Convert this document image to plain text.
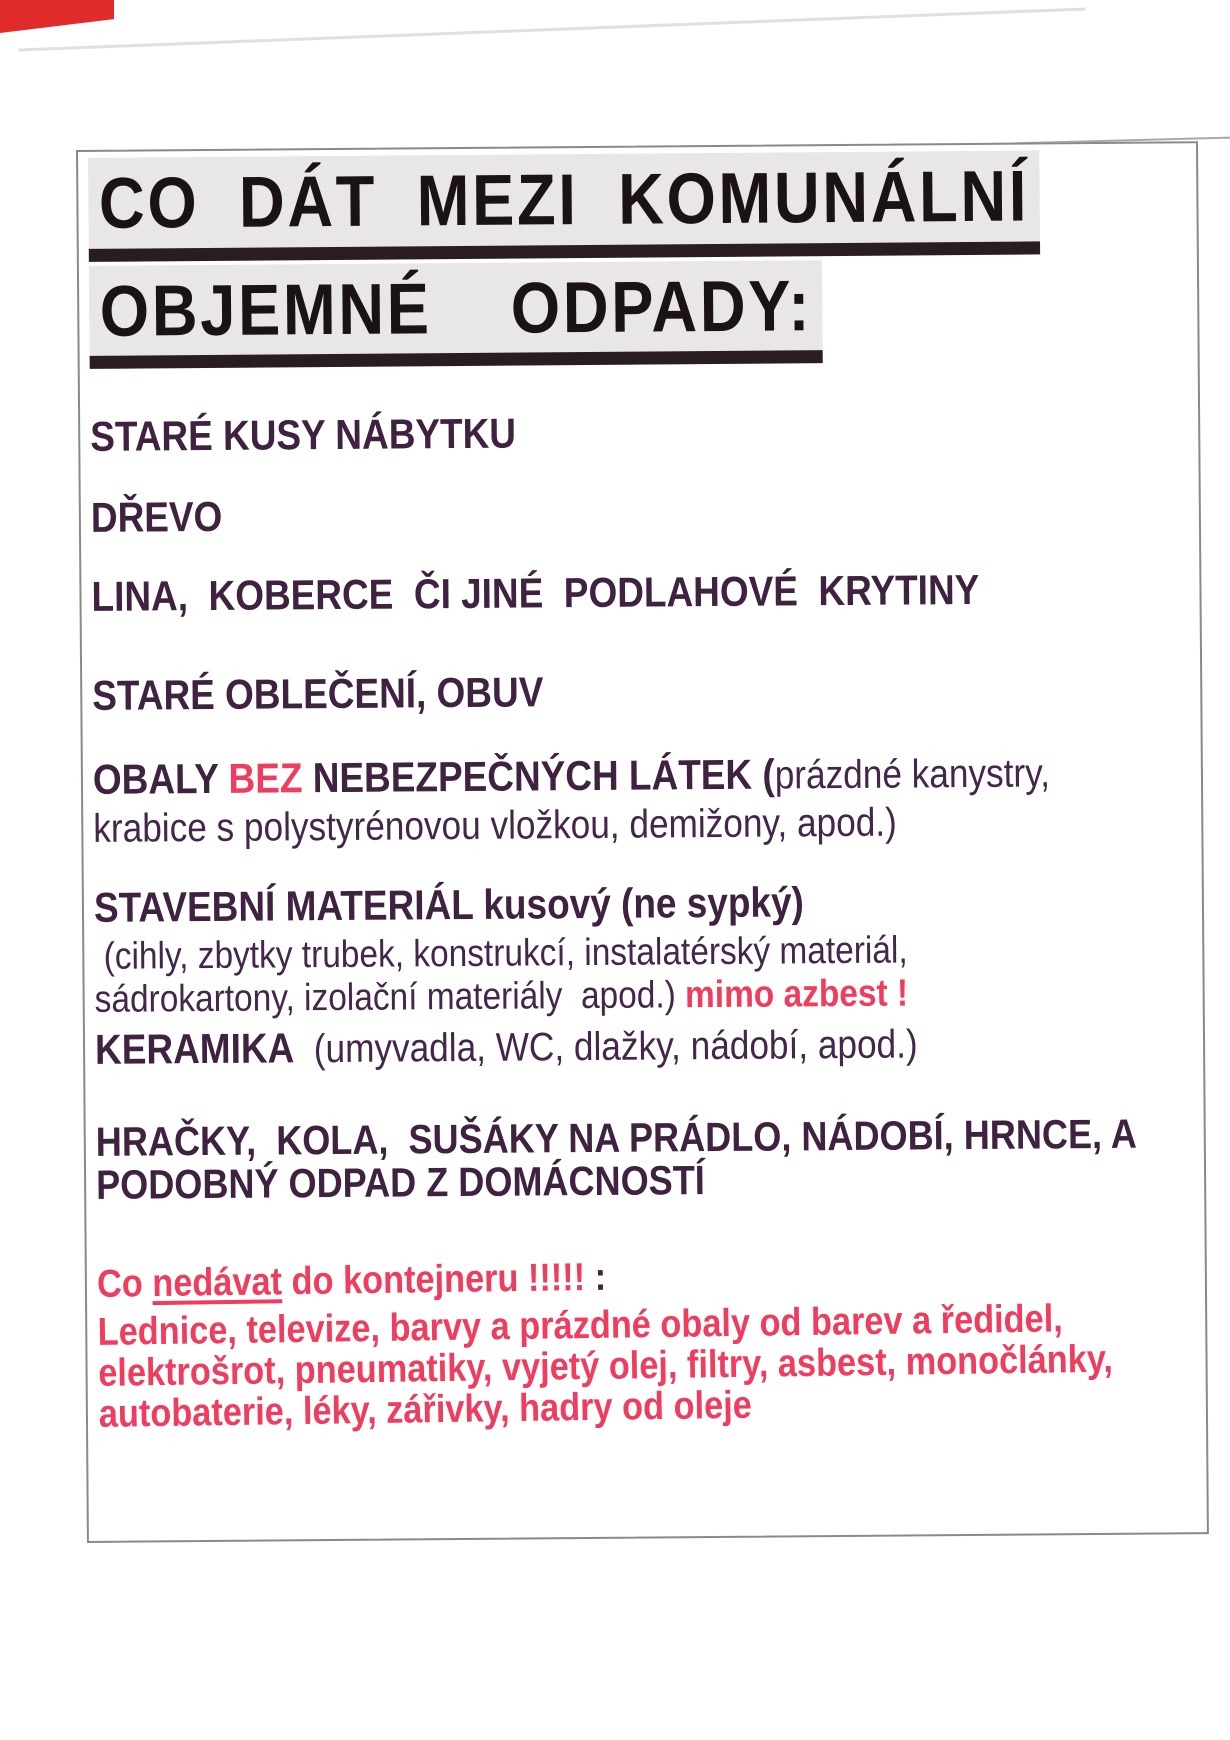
CO DÁT MEZI KOMUNÁLNÍ OBJEMNÉ  ODPADY:

STARÉ KUSY NÁBYTKU

DŘEVO

LINA,  KOBERCE  ČI JINÉ  PODLAHOVÉ  KRYTINY

STARÉ OBLEČENÍ, OBUV

OBALY BEZ NEBEZPEČNÝCH LÁTEK (prázdné kanystry, krabice s polystyrénovou vložkou, demižony, apod.)

STAVEBNÍ MATERIÁL kusový (ne sypký)

(cihly, zbytky trubek, konstrukcí, instalatérský materiál, sádrokartony, izolační materiály  apod.) mimo azbest !

KERAMIKA  (umyvadla, WC, dlažky, nádobí, apod.)

HRAČKY,  KOLA,  SUŠÁKY NA PRÁDLO, NÁDOBÍ, HRNCE, A PODOBNÝ ODPAD Z DOMÁCNOSTÍ

Co nedávat do kontejneru !!!!! :

Lednice, televize, barvy a prázdné obaly od barev a ředidel, elektrošrot, pneumatiky, vyjetý olej, filtry, asbest, monočlánky, autobaterie, léky, zářivky, hadry od oleje
